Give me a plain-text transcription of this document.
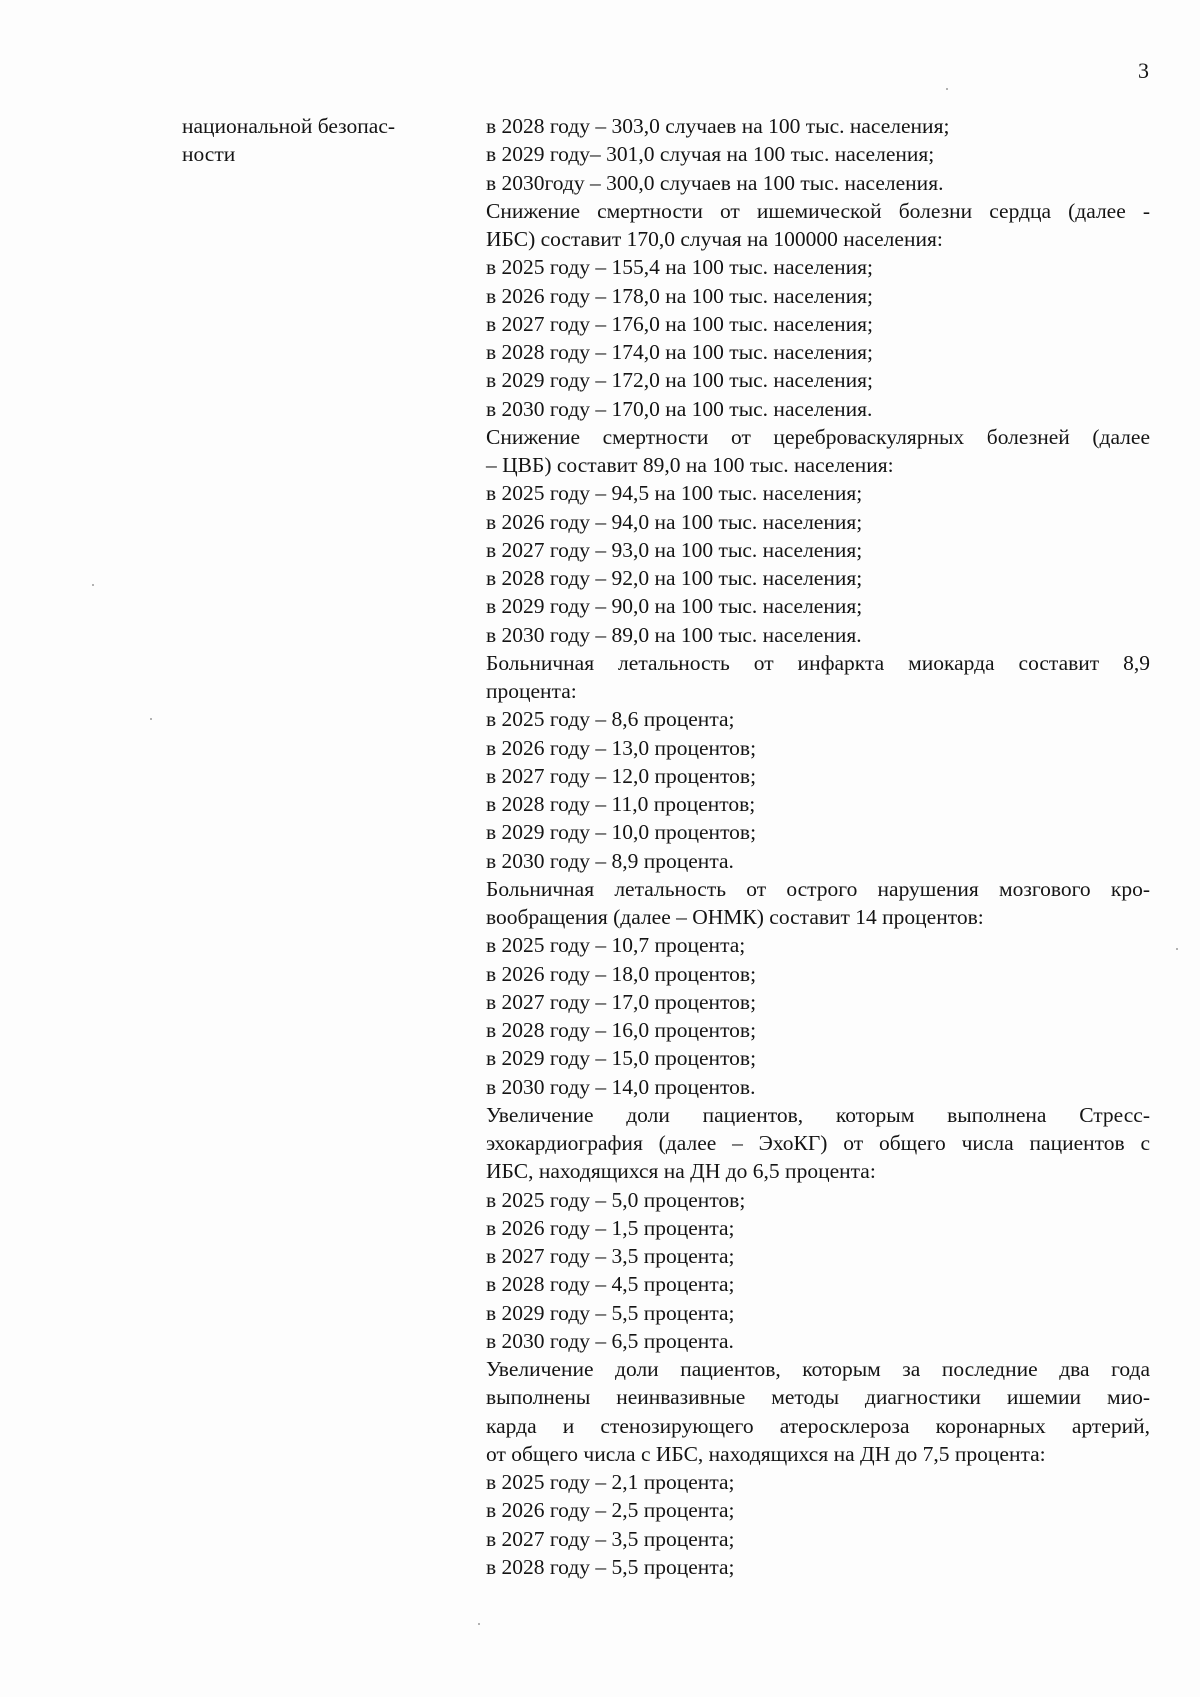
3
национальной безопас-
ности
в 2028 году – 303,0 случаев на 100 тыс. населения;
в 2029 году– 301,0 случая на 100 тыс. населения;
в 2030году – 300,0 случаев на 100 тыс. населения.
Снижение смертности от ишемической болезни сердца (далее -
ИБС) составит 170,0 случая на 100000 населения:
в 2025 году – 155,4 на 100 тыс. населения;
в 2026 году – 178,0 на 100 тыс. населения;
в 2027 году – 176,0 на 100 тыс. населения;
в 2028 году – 174,0 на 100 тыс. населения;
в 2029 году – 172,0 на 100 тыс. населения;
в 2030 году – 170,0 на 100 тыс. населения.
Снижение смертности от цереброваскулярных болезней (далее
– ЦВБ) составит 89,0 на 100 тыс. населения:
в 2025 году – 94,5 на 100 тыс. населения;
в 2026 году – 94,0 на 100 тыс. населения;
в 2027 году – 93,0 на 100 тыс. населения;
в 2028 году – 92,0 на 100 тыс. населения;
в 2029 году – 90,0 на 100 тыс. населения;
в 2030 году – 89,0 на 100 тыс. населения.
Больничная летальность от инфаркта миокарда составит 8,9
процента:
в 2025 году – 8,6 процента;
в 2026 году – 13,0 процентов;
в 2027 году – 12,0 процентов;
в 2028 году – 11,0 процентов;
в 2029 году – 10,0 процентов;
в 2030 году – 8,9 процента.
Больничная летальность от острого нарушения мозгового кро-
вообращения (далее – ОНМК) составит 14 процентов:
в 2025 году – 10,7 процента;
в 2026 году – 18,0 процентов;
в 2027 году – 17,0 процентов;
в 2028 году – 16,0 процентов;
в 2029 году – 15,0 процентов;
в 2030 году – 14,0 процентов.
Увеличение доли пациентов, которым выполнена Стресс-
эхокардиография (далее – ЭхоКГ) от общего числа пациентов с
ИБС, находящихся на ДН до 6,5 процента:
в 2025 году – 5,0 процентов;
в 2026 году – 1,5 процента;
в 2027 году – 3,5 процента;
в 2028 году – 4,5 процента;
в 2029 году – 5,5 процента;
в 2030 году – 6,5 процента.
Увеличение доли пациентов, которым за последние два года
выполнены неинвазивные методы диагностики ишемии мио-
карда и стенозирующего атеросклероза коронарных артерий,
от общего числа с ИБС, находящихся на ДН до 7,5 процента:
в 2025 году – 2,1 процента;
в 2026 году – 2,5 процента;
в 2027 году – 3,5 процента;
в 2028 году – 5,5 процента;
